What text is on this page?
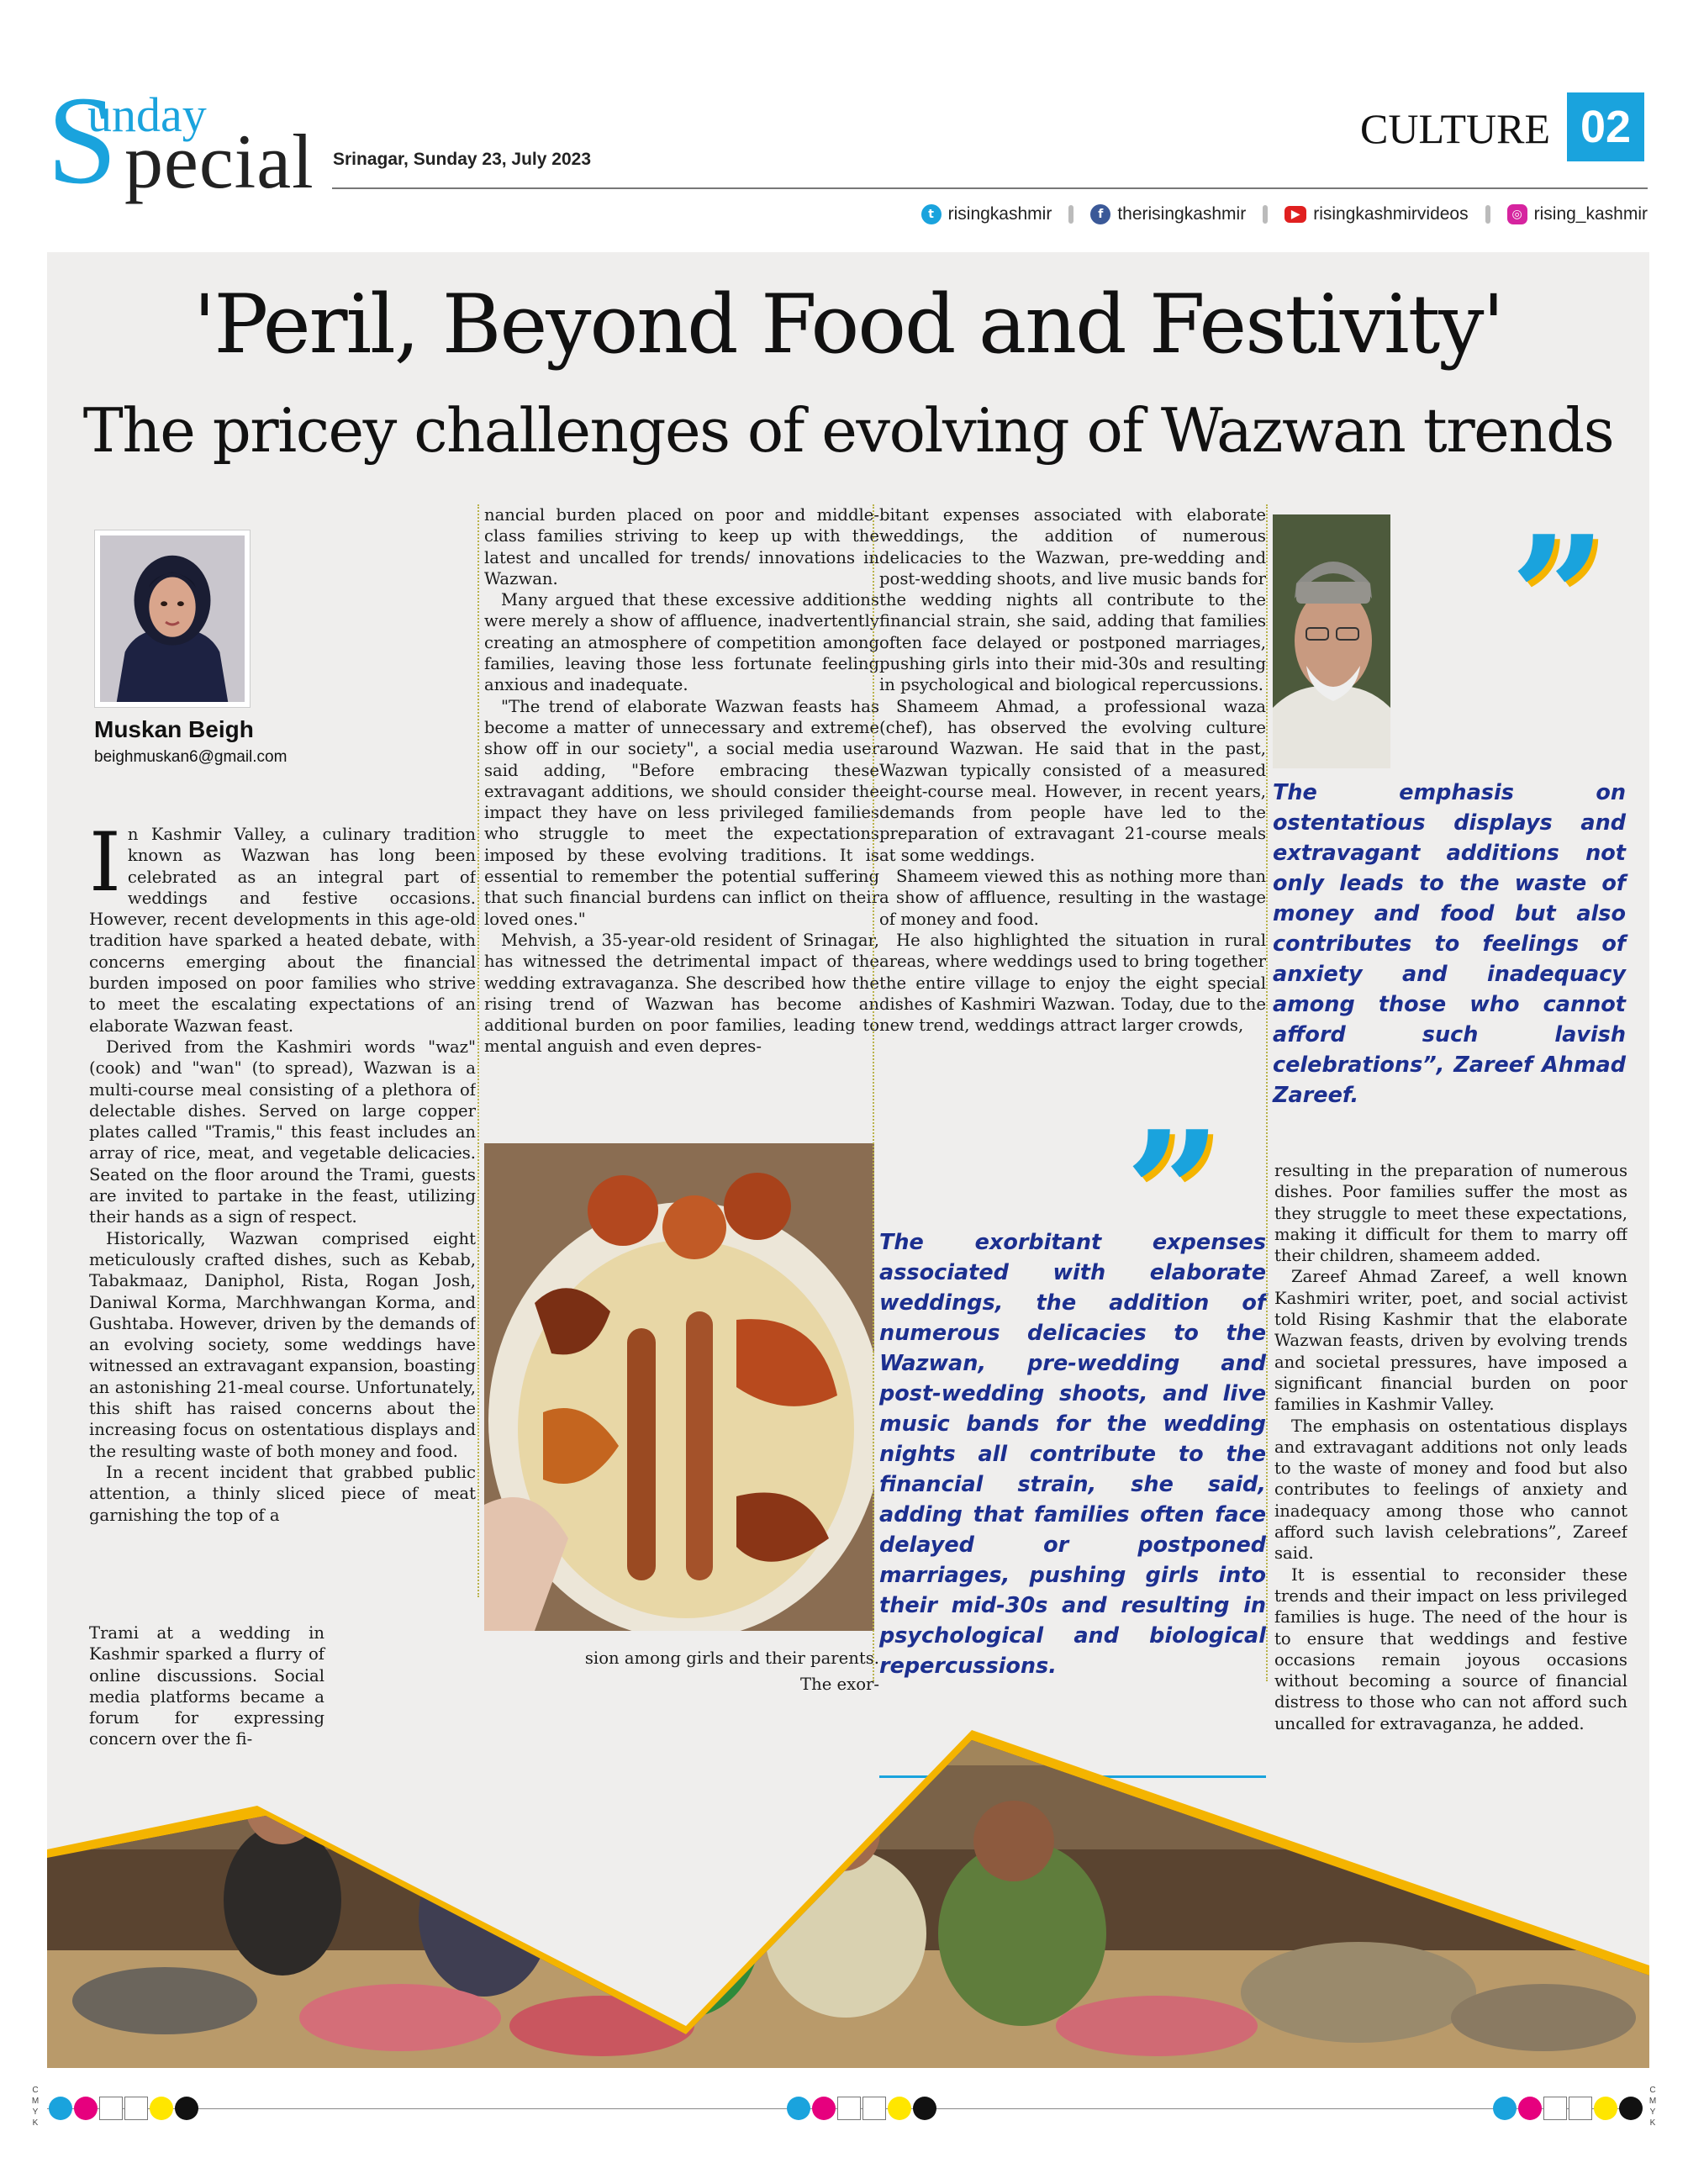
S
unday
pecial Srinagar, Sunday 23, July 2023
CULTURE 02
t risingkashmir	f therisingkashmir	▶ risingkashmirvideos	◎ rising_kashmir
'Peril, Beyond Food and Festivity'
The pricey challenges of evolving of Wazwan trends
Muskan Beigh
beighmuskan6@gmail.com

In Kashmir Valley, a culinary tradition known as Wazwan has long been celebrated as an integral part of weddings and festive occasions. However, recent developments in this age-old tradition have sparked a heated debate, with concerns emerging about the financial burden imposed on poor families who strive to meet the escalating expectations of an elaborate Wazwan feast.

Derived from the Kashmiri words "waz" (cook) and "wan" (to spread), Wazwan is a multi-course meal consisting of a plethora of delectable dishes. Served on large copper plates called "Tramis," this feast includes an array of rice, meat, and vegetable delicacies. Seated on the floor around the Trami, guests are invited to partake in the feast, utilizing their hands as a sign of respect.

Historically, Wazwan comprised eight meticulously crafted dishes, such as Kebab, Tabakmaaz, Daniphol, Rista, Rogan Josh, Daniwal Korma, Marchhwangan Korma, and Gushtaba. However, driven by the demands of an evolving society, some weddings have witnessed an extravagant expansion, boasting an astonishing 21-meal course. Unfortunately, this shift has raised concerns about the increasing focus on ostentatious displays and the resulting waste of both money and food.

In a recent incident that grabbed public attention, a thinly sliced piece of meat garnishing the top of a

Trami at a wedding in Kashmir sparked a flurry of online discussions. Social media platforms became a forum for expressing concern over the fi-

nancial burden placed on poor and middle-class families striving to keep up with the latest and uncalled for trends/ innovations in Wazwan.

Many argued that these excessive additions were merely a show of affluence, inadvertently creating an atmosphere of competition among families, leaving those less fortunate feeling anxious and inadequate.

"The trend of elaborate Wazwan feasts has become a matter of unnecessary and extreme show off in our society", a social media user said adding, "Before embracing these extravagant additions, we should consider the impact they have on less privileged families who struggle to meet the expectations imposed by these evolving traditions. It is essential to remember the potential suffering that such financial burdens can inflict on their loved ones."

Mehvish, a 35-year-old resident of Srinagar, has witnessed the detrimental impact of the wedding extravaganza. She described how the rising trend of Wazwan has become an additional burden on poor families, leading to mental anguish and even depres-

sion among girls and their parents.
The exor-

bitant expenses associated with elaborate weddings, the addition of numerous delicacies to the Wazwan, pre-wedding and post-wedding shoots, and live music bands for the wedding nights all contribute to the financial strain, she said, adding that families often face delayed or postponed marriages, pushing girls into their mid-30s and resulting in psychological and biological repercussions.

Shameem Ahmad, a professional waza (chef), has observed the evolving culture around Wazwan. He said that in the past, Wazwan typically consisted of a measured eight-course meal. However, in recent years, demands from people have led to the preparation of extravagant 21-course meals at some weddings.

Shameem viewed this as nothing more than a show of affluence, resulting in the wastage of money and food.

He also highlighted the situation in rural areas, where weddings used to bring together the entire village to enjoy the eight special dishes of Kashmiri Wazwan. Today, due to the new trend, weddings attract larger crowds,

”
The exorbitant expenses associated with elaborate weddings, the addition of numerous delicacies to the Wazwan, pre-wedding and post-wedding shoots, and live music bands for the wedding nights all contribute to the financial strain, she said, adding that families often face delayed or postponed marriages, pushing girls into their mid-30s and resulting in psychological and biological repercussions.
”
The emphasis on ostentatious displays and extravagant additions not only leads to the waste of money and food but also contributes to feelings of anxiety and inadequacy among those who cannot afford such lavish celebrations”, Zareef Ahmad Zareef.

resulting in the preparation of numerous dishes. Poor families suffer the most as they struggle to meet these expectations, making it difficult for them to marry off their children, shameem added.

Zareef Ahmad Zareef, a well known Kashmiri writer, poet, and social activist told Rising Kashmir that the elaborate Wazwan feasts, driven by evolving trends and societal pressures, have imposed a significant financial burden on poor families in Kashmir Valley.

The emphasis on ostentatious displays and extravagant additions not only leads to the waste of money and food but also contributes to feelings of anxiety and inadequacy among those who cannot afford such lavish celebrations”, Zareef said.

It is essential to reconsider these trends and their impact on less privileged families is huge. The need of the hour is to ensure that weddings and festive occasions remain joyous occasions without becoming a source of financial distress to those who can not afford such uncalled for extravaganza, he added.

C
M
Y
K
C
M
Y
K
